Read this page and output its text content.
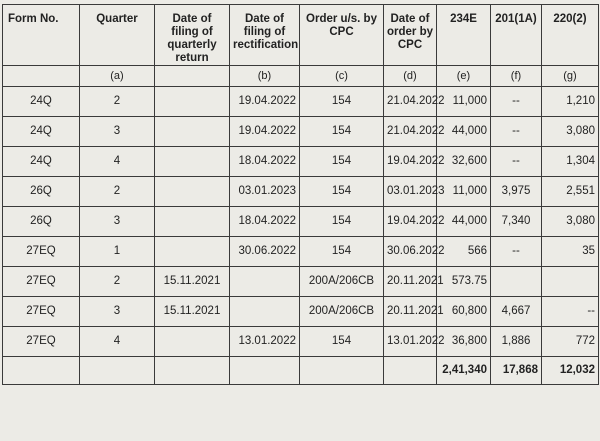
Form No.	Quarter	Date of filing of quarterly return	Date of filing of rectification	Order u/s. by CPC	Date of order by CPC	234E	201(1A)	220(2)
	(a)		(b)	(c)	(d)	(e)	(f)	(g)
24Q	2		19.04.2022	154	21.04.2022	11,000	--	1,210
24Q	3		19.04.2022	154	21.04.2022	44,000	--	3,080
24Q	4		18.04.2022	154	19.04.2022	32,600	--	1,304
26Q	2		03.01.2023	154	03.01.2023	11,000	3,975	2,551
26Q	3		18.04.2022	154	19.04.2022	44,000	7,340	3,080
27EQ	1		30.06.2022	154	30.06.2022	566	--	35
27EQ	2	15.11.2021		200A/206CB	20.11.2021	573.75		
27EQ	3	15.11.2021		200A/206CB	20.11.2021	60,800	4,667	--
27EQ	4		13.01.2022	154	13.01.2022	36,800	1,886	772
						2,41,340	17,868	12,032
